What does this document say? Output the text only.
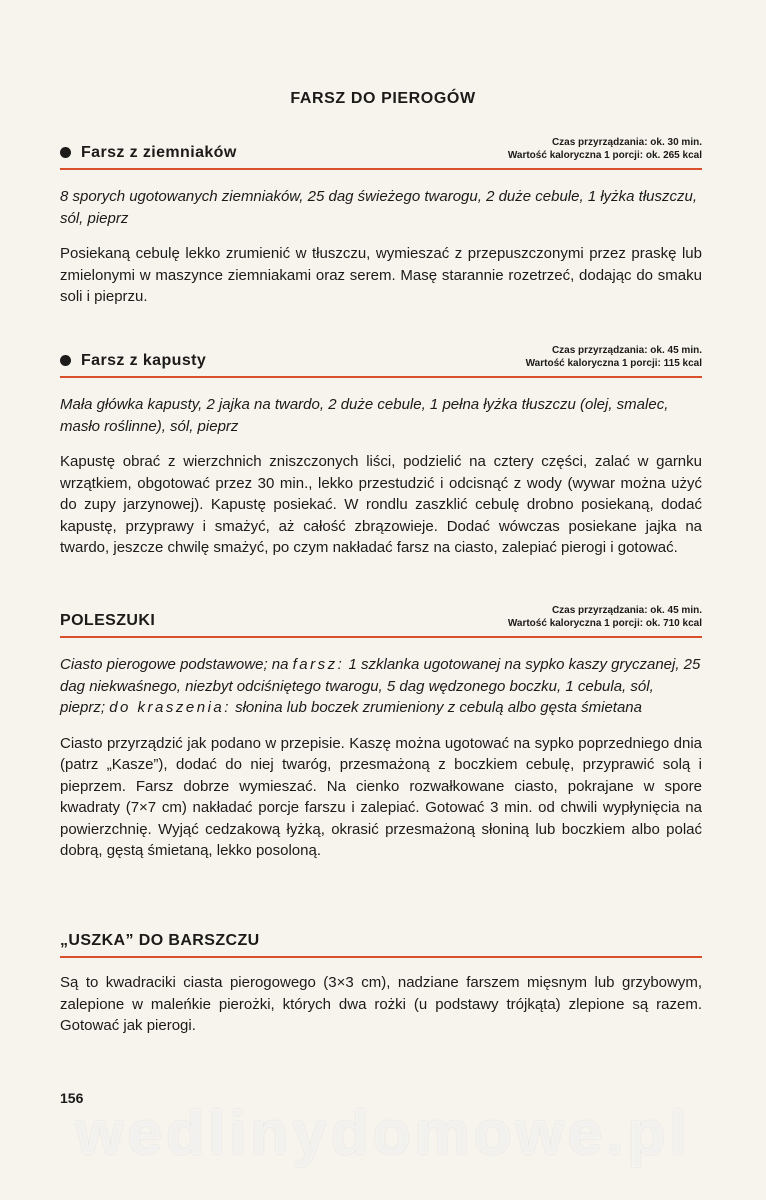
FARSZ DO PIEROGÓW
Farsz z ziemniaków
Czas przyrządzania: ok. 30 min.
Wartość kaloryczna 1 porcji: ok. 265 kcal

8 sporych ugotowanych ziemniaków, 25 dag świeżego twarogu, 2 duże cebule, 1 łyżka tłuszczu, sól, pieprz

Posiekaną cebulę lekko zrumienić w tłuszczu, wymieszać z przepuszczonymi przez praskę lub zmielonymi w maszynce ziemniakami oraz serem. Masę starannie rozetrzeć, dodając do smaku soli i pieprzu.

Farsz z kapusty
Czas przyrządzania: ok. 45 min.
Wartość kaloryczna 1 porcji: 115 kcal

Mała główka kapusty, 2 jajka na twardo, 2 duże cebule, 1 pełna łyżka tłuszczu (olej, smalec, masło roślinne), sól, pieprz

Kapustę obrać z wierzchnich zniszczonych liści, podzielić na cztery części, zalać w garnku wrzątkiem, obgotować przez 30 min., lekko przestudzić i odcisnąć z wody (wywar można użyć do zupy jarzynowej). Kapustę posiekać. W rondlu zaszklić cebulę drobno posiekaną, dodać kapustę, przyprawy i smażyć, aż całość zbrązowieje. Dodać wówczas posiekane jajka na twardo, jeszcze chwilę smażyć, po czym nakładać farsz na ciasto, zalepiać pierogi i gotować.

POLESZUKI
Czas przyrządzania: ok. 45 min.
Wartość kaloryczna 1 porcji: ok. 710 kcal

Ciasto pierogowe podstawowe; na farsz: 1 szklanka ugotowanej na sypko kaszy gryczanej, 25 dag niekwaśnego, niezbyt odciśniętego twarogu, 5 dag wędzonego boczku, 1 cebula, sól, pieprz; do kraszenia: słonina lub boczek zrumieniony z cebulą albo gęsta śmietana

Ciasto przyrządzić jak podano w przepisie. Kaszę można ugotować na sypko poprzedniego dnia (patrz „Kasze”), dodać do niej twaróg, przesmażoną z boczkiem cebulę, przyprawić solą i pieprzem. Farsz dobrze wymieszać. Na cienko rozwałkowane ciasto, pokrajane w spore kwadraty (7×7 cm) nakładać porcje farszu i zalepiać. Gotować 3 min. od chwili wypłynięcia na powierzchnię. Wyjąć cedzakową łyżką, okrasić przesmażoną słoniną lub boczkiem albo polać dobrą, gęstą śmietaną, lekko posoloną.

„USZKA” DO BARSZCZU

Są to kwadraciki ciasta pierogowego (3×3 cm), nadziane farszem mięsnym lub grzybowym, zalepione w maleńkie pierożki, których dwa rożki (u podstawy trójkąta) zlepione są razem. Gotować jak pierogi.

156
wedlinydomowe.pl
